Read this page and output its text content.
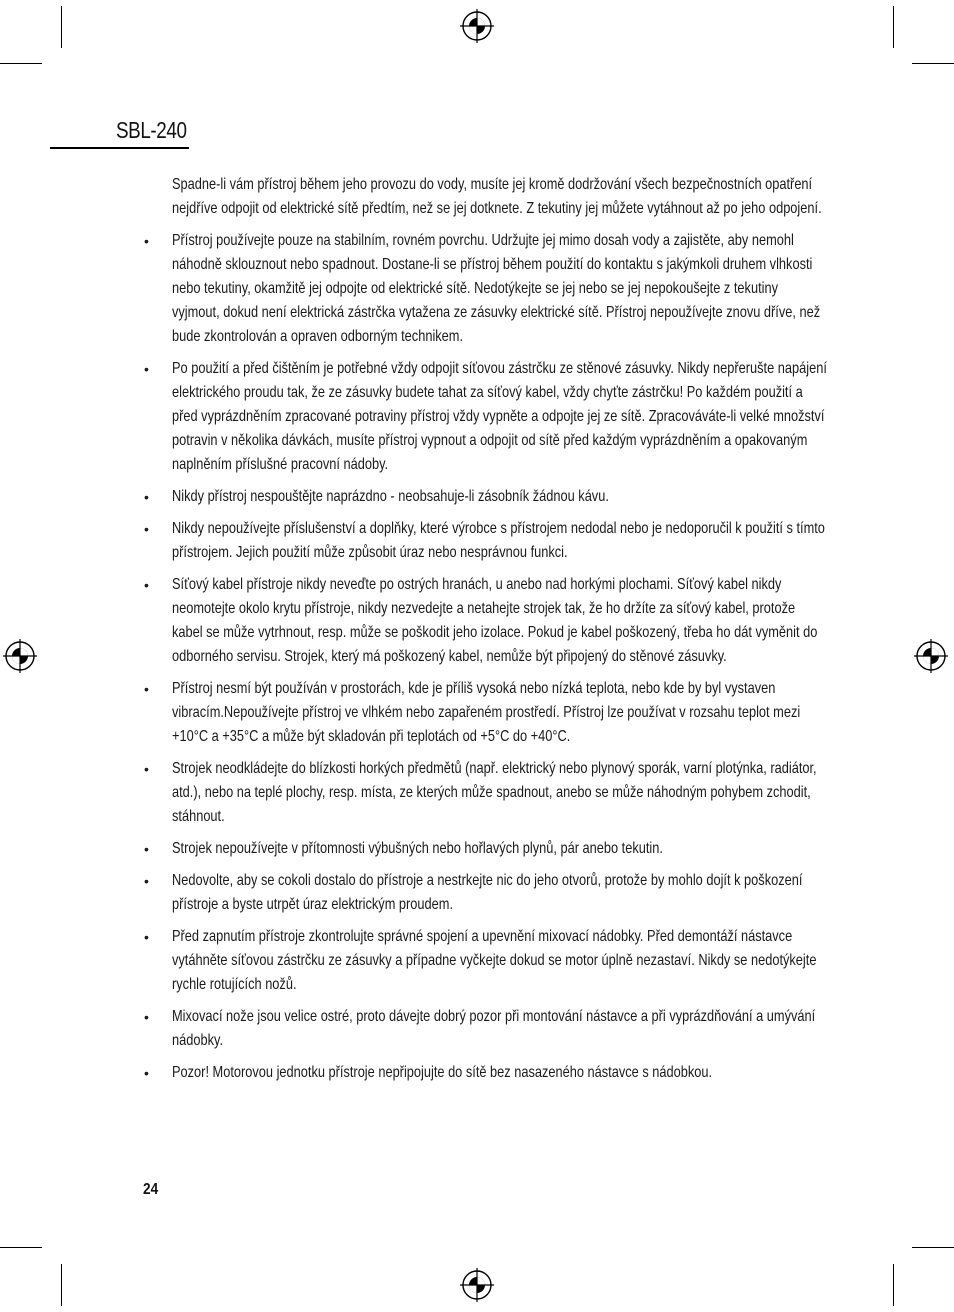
SBL-240
Spadne-li vám přístroj během jeho provozu do vody, musíte jej kromě dodržování všech bezpečnostních opatření nejdříve odpojit od elektrické sítě předtím, než se jej dotknete. Z tekutiny jej můžete vytáhnout až po jeho odpojení.
• Přístroj používejte pouze na stabilním, rovném povrchu. Udržujte jej mimo dosah vody a zajistěte, aby nemohl náhodně sklouznout nebo spadnout. Dostane-li se přístroj během použití do kontaktu s jakýmkoli druhem vlhkosti nebo tekutiny, okamžitě jej odpojte od elektrické sítě. Nedotýkejte se jej nebo se jej nepokoušejte z tekutiny vyjmout, dokud není elektrická zástrčka vytažena ze zásuvky elektrické sítě. Přístroj nepoužívejte znovu dříve, než bude zkontrolován a opraven odborným technikem.
• Po použití a před čištěním je potřebné vždy odpojit síťovou zástrčku ze stěnové zásuvky. Nikdy nepřerušte napájení elektrického proudu tak, že ze zásuvky budete tahat za síťový kabel, vždy chyťte zástrčku! Po každém použití a před vyprázdněním zpracované potraviny přístroj vždy vypněte a odpojte jej ze sítě. Zpracováváte-li velké množství potravin v několika dávkách, musíte přístroj vypnout a odpojit od sítě před každým vyprázdněním a opakovaným naplněním příslušné pracovní nádoby.
• Nikdy přístroj nespouštějte naprázdno - neobsahuje-li zásobník žádnou kávu.
• Nikdy nepoužívejte příslušenství a doplňky, které výrobce s přístrojem nedodal nebo je nedoporučil k použití s tímto přístrojem. Jejich použití může způsobit úraz nebo nesprávnou funkci.
• Síťový kabel přístroje nikdy neveďte po ostrých hranách, u anebo nad horkými plochami. Síťový kabel nikdy neomotejte okolo krytu přístroje, nikdy nezvedejte a netahejte strojek tak, že ho držíte za síťový kabel, protože kabel se může vytrhnout, resp. může se poškodit jeho izolace. Pokud je kabel poškozený, třeba ho dát vyměnit do odborného servisu. Strojek, který má poškozený kabel, nemůže být připojený do stěnové zásuvky.
• Přístroj nesmí být používán v prostorách, kde je příliš vysoká nebo nízká teplota, nebo kde by byl vystaven vibracím.Nepoužívejte přístroj ve vlhkém nebo zapařeném prostředí. Přístroj lze používat v rozsahu teplot mezi +10°C a +35°C a může být skladován při teplotách od +5°C do +40°C.
• Strojek neodkládejte do blízkosti horkých předmětů (např. elektrický nebo plynový sporák, varní plotýnka, radiátor, atd.), nebo na teplé plochy, resp. místa, ze kterých může spadnout, anebo se může náhodným pohybem zchodit, stáhnout.
• Strojek nepoužívejte v přítomnosti výbušných nebo hořlavých plynů, pár anebo tekutin.
• Nedovolte, aby se cokoli dostalo do přístroje a nestrkejte nic do jeho otvorů, protože by mohlo dojít k poškození přístroje a byste utrpět úraz elektrickým proudem.
• Před zapnutím přístroje zkontrolujte správné spojení a upevnění mixovací nádobky. Před demontáží nástavce vytáhněte síťovou zástrčku ze zásuvky a případne vyčkejte dokud se motor úplně nezastaví. Nikdy se nedotýkejte rychle rotujících nožů.
• Mixovací nože jsou velice ostré, proto dávejte dobrý pozor při montování nástavce a při vyprázdňování a umývání nádobky.
• Pozor! Motorovou jednotku přístroje nepřipojujte do sítě bez nasazeného nástavce s nádobkou.
24
